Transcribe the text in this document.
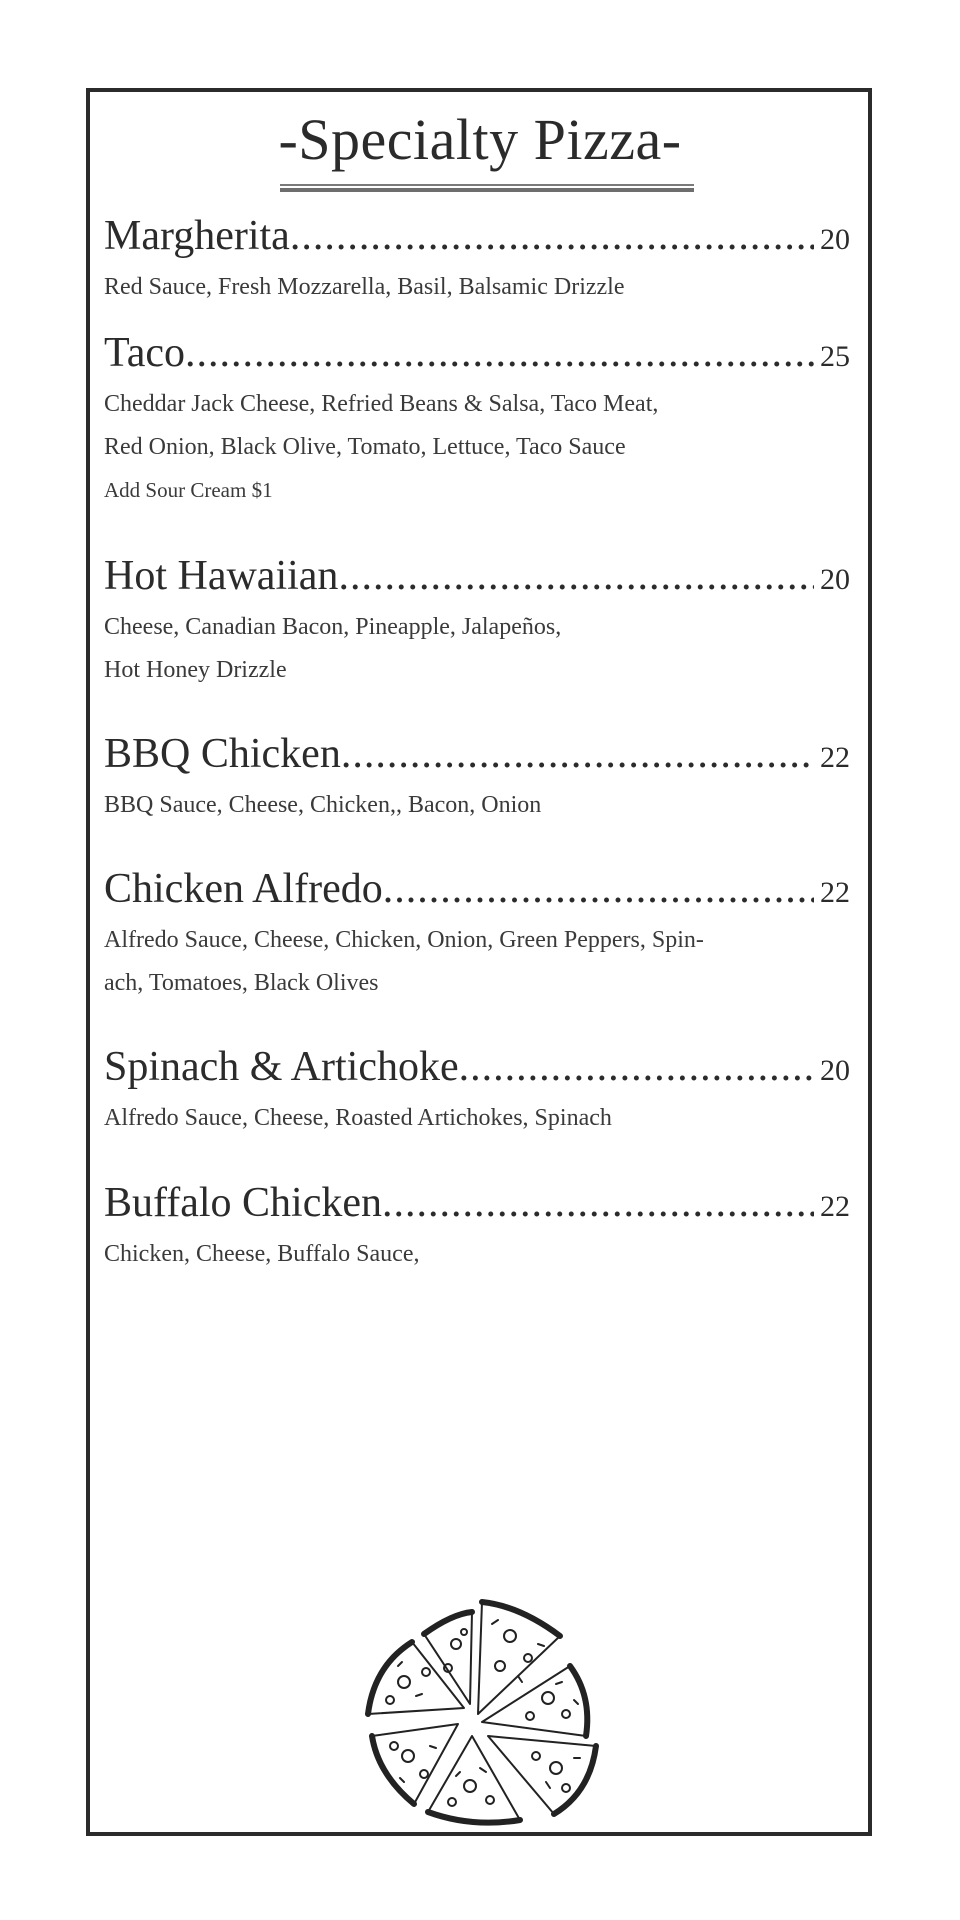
-Specialty Pizza-
Margherita .....	20
Red Sauce, Fresh Mozzarella, Basil, Balsamic Drizzle
Taco .....	25
Cheddar Jack Cheese, Refried Beans & Salsa, Taco Meat,
Red Onion, Black Olive, Tomato, Lettuce, Taco Sauce
Add Sour Cream $1
Hot Hawaiian .....	20
Cheese, Canadian Bacon, Pineapple, Jalapeños,
Hot Honey Drizzle
BBQ Chicken .....	22
BBQ Sauce, Cheese, Chicken,, Bacon, Onion
Chicken Alfredo .....	22
Alfredo Sauce, Cheese, Chicken, Onion, Green Peppers, Spin-
ach, Tomatoes, Black Olives
Spinach & Artichoke .....	20
Alfredo Sauce, Cheese, Roasted Artichokes, Spinach
Buffalo Chicken .....	22
Chicken, Cheese, Buffalo Sauce,
